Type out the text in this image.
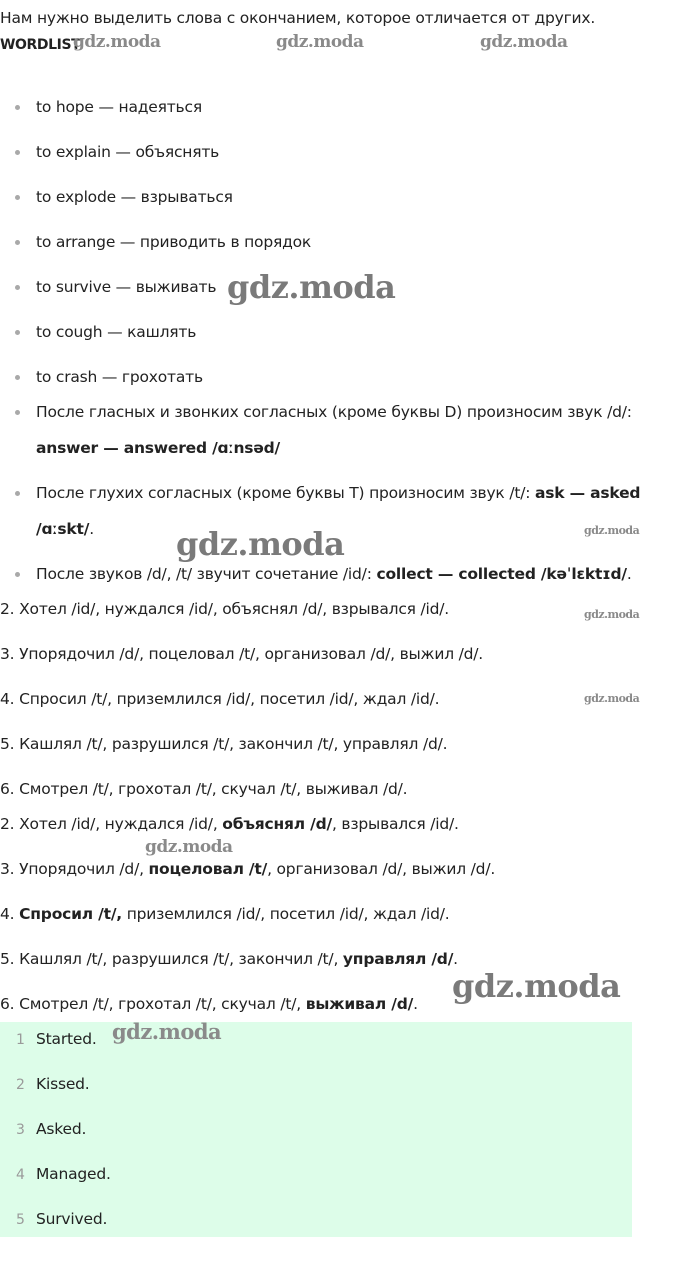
Нам нужно выделить слова с окончанием, которое отличается от других.

WORDLIST
to hope — надеяться
to explain — объяснять
to explode — взрываться
to arrange — приводить в порядок
to survive — выживать
to cough — кашлять
to crash — грохотать
После гласных и звонких согласных (кроме буквы D) произносим звук /d/:
answer — answered /ɑːnsəd/
После глухих согласных (кроме буквы T) произносим звук /t/: ask — asked
/ɑːskt/.
После звуков /d/, /t/ звучит сочетание /id/: collect — collected /kəˈlɛktɪd/.

2. Хотел /id/, нуждался /id/, объяснял /d/, взрывался /id/.

3. Упорядочил /d/, поцеловал /t/, организовал /d/, выжил /d/.

4. Спросил /t/, приземлился /id/, посетил /id/, ждал /id/.

5. Кашлял /t/, разрушился /t/, закончил /t/, управлял /d/.

6. Смотрел /t/, грохотал /t/, скучал /t/, выживал /d/.

2. Хотел /id/, нуждался /id/, объяснял /d/, взрывался /id/.

3. Упорядочил /d/, поцеловал /t/, организовал /d/, выжил /d/.

4. Спросил /t/, приземлился /id/, посетил /id/, ждал /id/.

5. Кашлял /t/, разрушился /t/, закончил /t/, управлял /d/.

6. Смотрел /t/, грохотал /t/, скучал /t/, выживал /d/.

1 Started.
2 Kissed.
3 Asked.
4 Managed.
5 Survived.
gdz.moda	gdz.moda	gdz.moda
gdz.moda
gdz.moda	gdz.moda
gdz.moda
gdz.moda
gdz.moda
gdz.moda
gdz.moda
